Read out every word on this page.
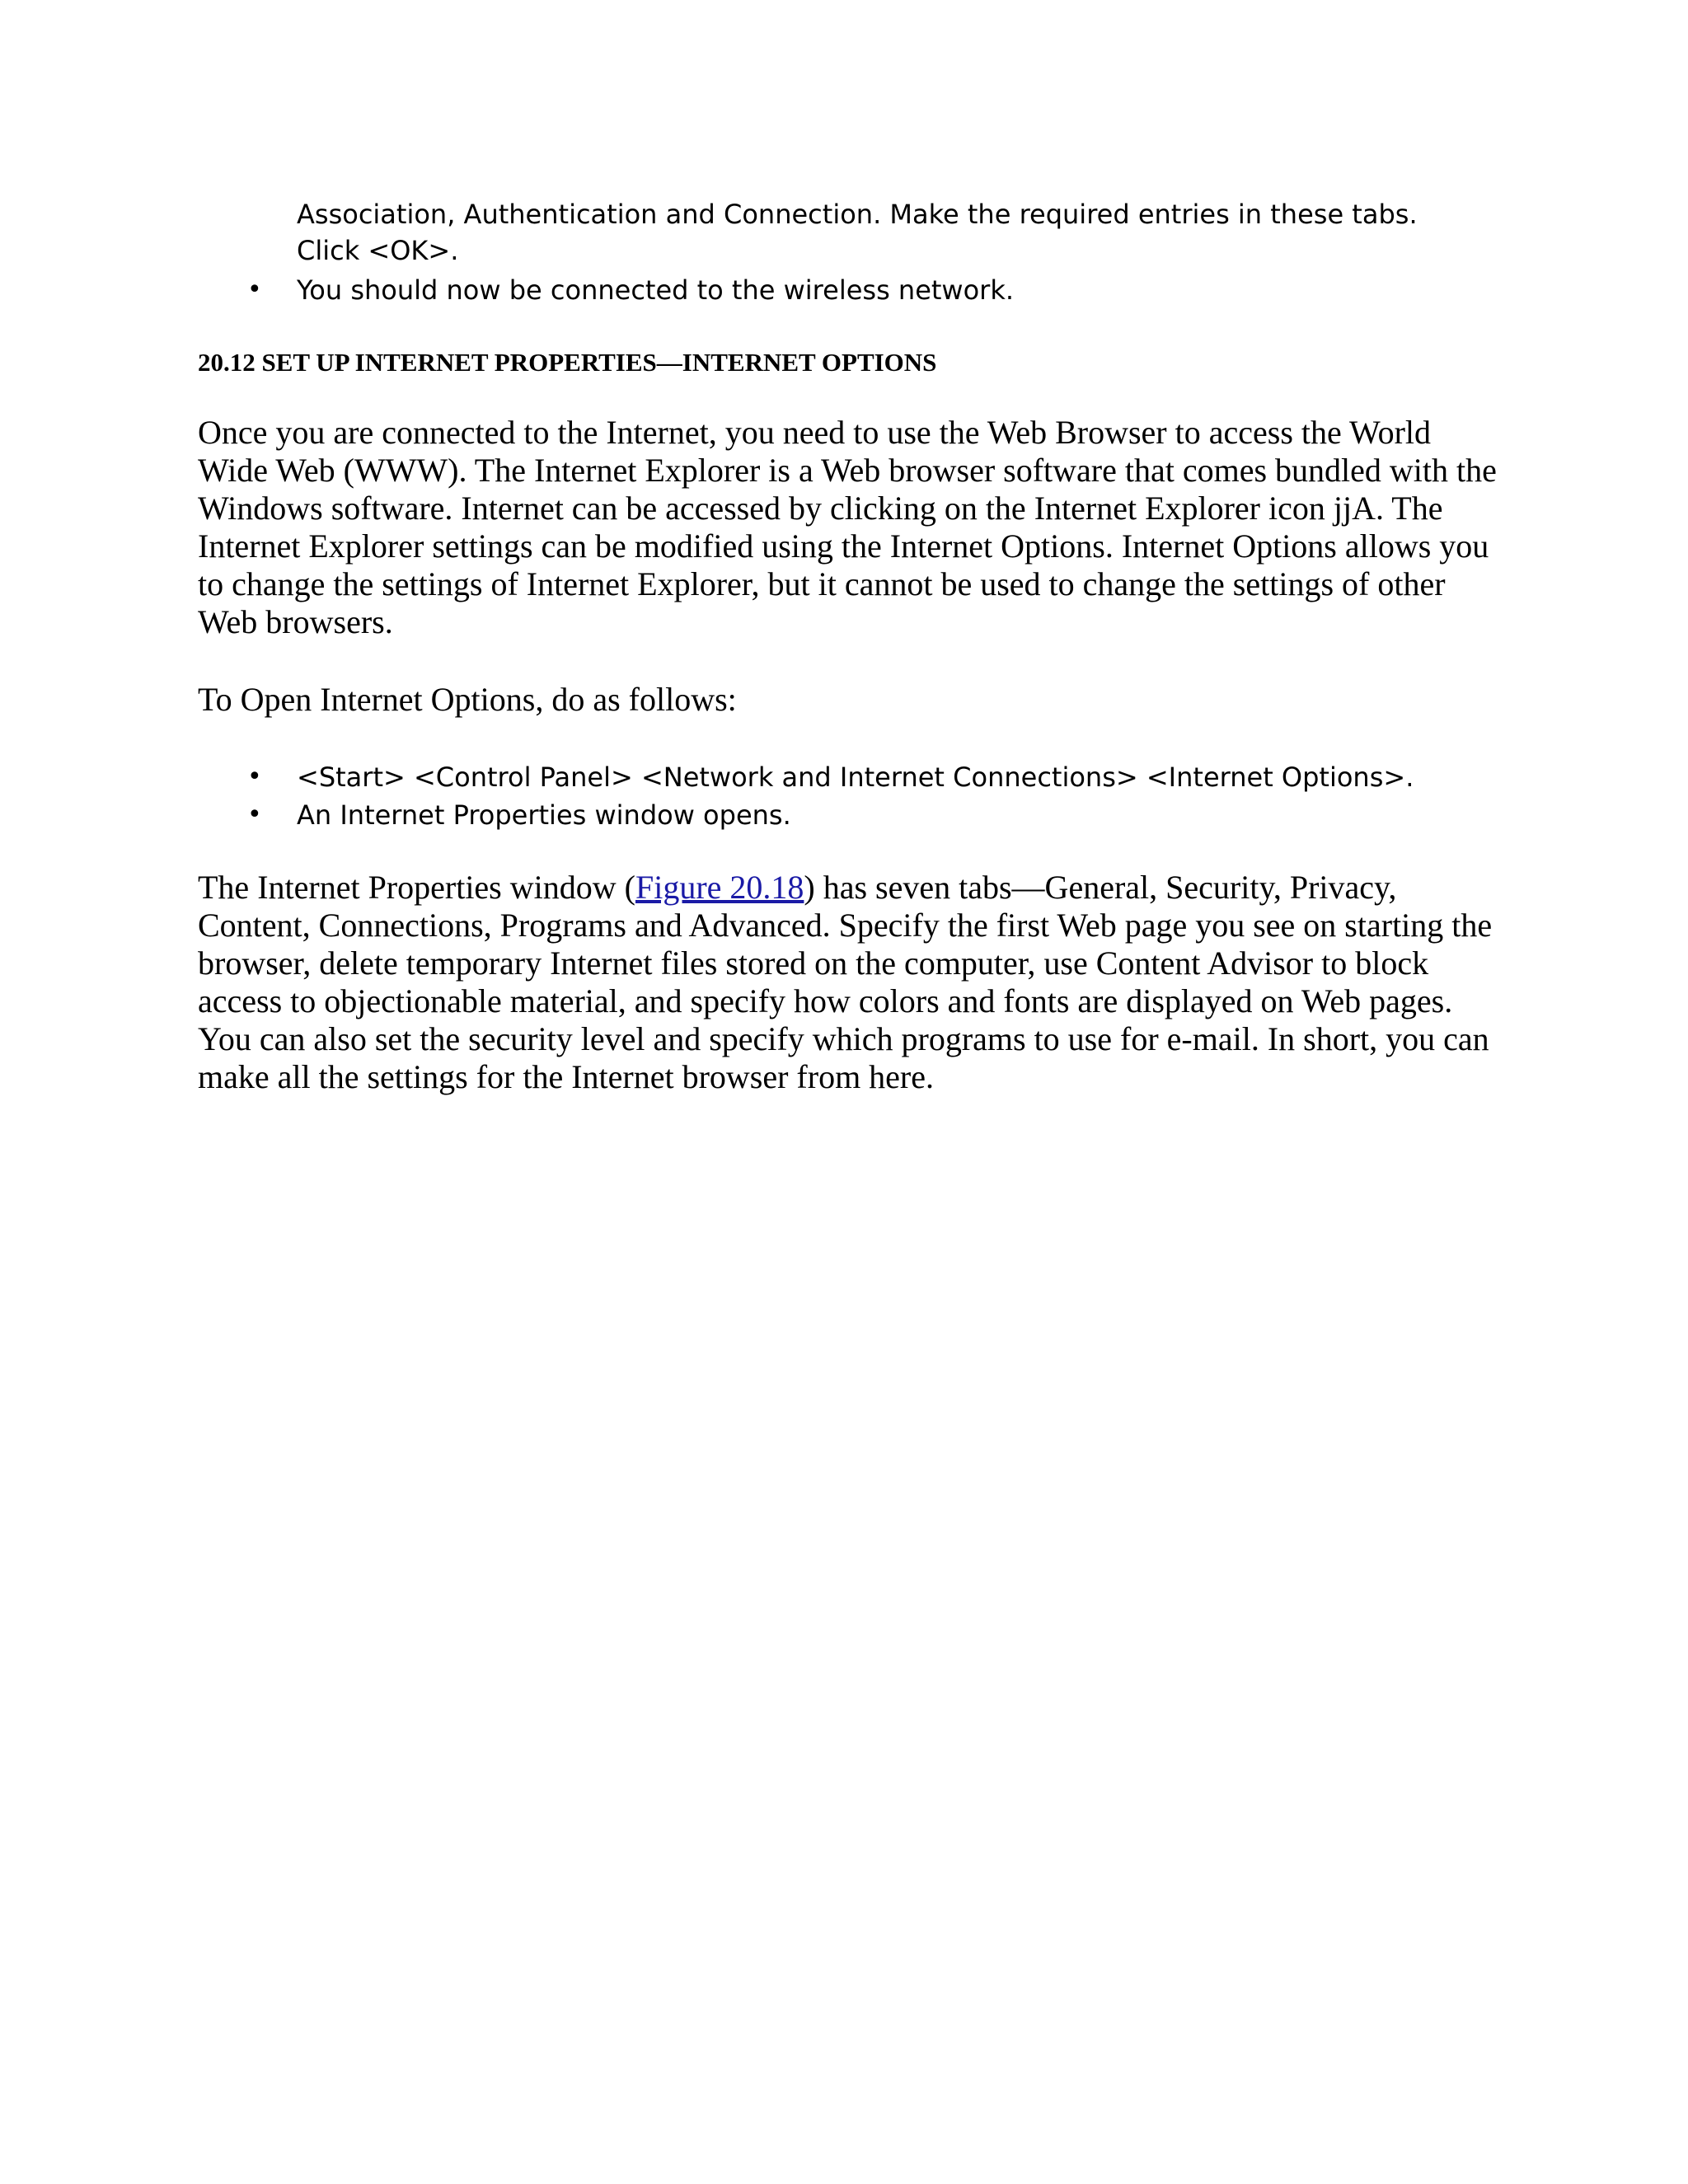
Association, Authentication and Connection. Make the required entries in these tabs. Click <OK>.
• You should now be connected to the wireless network.
20.12 SET UP INTERNET PROPERTIES—INTERNET OPTIONS

Once you are connected to the Internet, you need to use the Web Browser to access the World Wide Web (WWW). The Internet Explorer is a Web browser software that comes bundled with the Windows software. Internet can be accessed by clicking on the Internet Explorer icon jjA. The Internet Explorer settings can be modified using the Internet Options. Internet Options allows you to change the settings of Internet Explorer, but it cannot be used to change the settings of other Web browsers.

To Open Internet Options, do as follows:

• <Start> <Control Panel> <Network and Internet Connections> <Internet Options>.
• An Internet Properties window opens.

The Internet Properties window (Figure 20.18) has seven tabs—General, Security, Privacy, Content, Connections, Programs and Advanced. Specify the first Web page you see on starting the browser, delete temporary Internet files stored on the computer, use Content Advisor to block access to objectionable material, and specify how colors and fonts are displayed on Web pages. You can also set the security level and specify which programs to use for e-mail. In short, you can make all the settings for the Internet browser from here.
